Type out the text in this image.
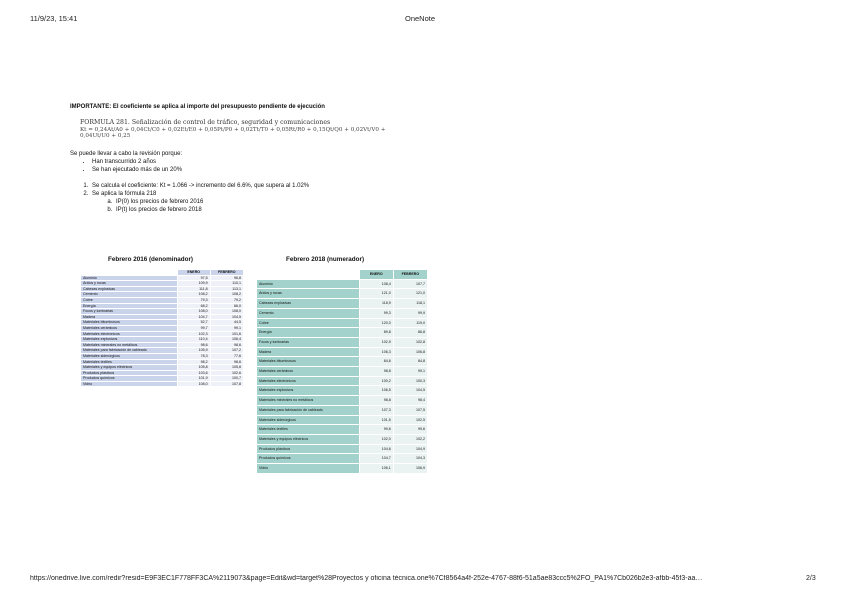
11/9/23, 15:41	OneNote
IMPORTANTE: El coeficiente se aplica al importe del presupuesto pendiente de ejecución
FORMULA 281. Señalización de control de tráfico, seguridad y comunicaciones
Kt = 0,24At/A0 + 0,04Ct/C0 + 0,02Et/E0 + 0,05Pt/P0 + 0,02Tt/T0 + 0,05Rt/R0 + 0,15Qt/Q0 + 0,02Vt/V0 +
0,04Ut/U0 + 0,25
Se puede llevar a cabo la revisión porque:
• Han transcurrido 2 años
• Se han ejecutado más de un 20%
1. Se calcula el coeficiente: Kt = 1.066 -> incremento del 6.6%, que supera al 1.02%
2. Se aplica la fórmula 218
a. IP(0) los precios de febrero 2016
b. IP(t) los precios de febrero 2018
Febrero 2016 (denominador)	Febrero 2018 (numerador)
	ENERO	FEBRERO
Aluminio	97,5	96,8
Áridos y rocas	109,9	110,1
Cabezas explosivas	111,8	113,1
Cemento	108,2	108,2
Cobre	79,3	79,2
Energía	68,2	66,0
Focos y luminarias	108,0	108,0
Madera	104,7	104,5
Materiales bituminosos	52,7	44,5
Materiales cerámicos	99,7	99,1
Materiales electrónicos	102,3	101,6
Materiales explosivos	110,4	106,4
Materiales minerales no metálicos	98,6	98,6
Materiales para fabricación de cableado	105,9	107,2
Materiales siderúrgicos	78,3	77,6
Materiales textiles	98,2	98,6
Materiales y equipos eléctricos	105,8	105,8
Productos plásticos	103,6	102,6
Productos químicos	101,9	100,7
Vidrio	108,0	107,8
	ENERO	FEBRERO
Aluminio	108,4	107,7
Áridos y rocas	121,0	121,0
Cabezas explosivas	118,9	118,1
Cemento	99,3	99,9
Cobre	120,0	119,0
Energía	89,8	86,8
Focos y luminarias	102,9	102,8
Madera	106,3	106,8
Materiales bituminosos	84,6	84,8
Materiales cerámicos	98,8	99,1
Materiales electrónicos	100,2	100,3
Materiales explosivos	106,5	104,5
Materiales minerales no metálicos	98,8	98,4
Materiales para fabricación de cableado	107,3	107,5
Materiales siderúrgicos	101,5	102,5
Materiales textiles	99,6	99,6
Materiales y equipos eléctricos	102,0	102,2
Productos plásticos	104,6	104,9
Productos químicos	104,7	104,3
Vidrio	106,1	106,9
https://onedrive.live.com/redir?resid=E9F3EC1F778FF3CA%2119073&page=Edit&wd=target%28Proyectos y oficina técnica.one%7Cf8564a4f-252e-4767-88f6-51a5ae83ccc5%2FO_PA1%7Cb026b2e3-afbb-45f3-aa…	2/3
